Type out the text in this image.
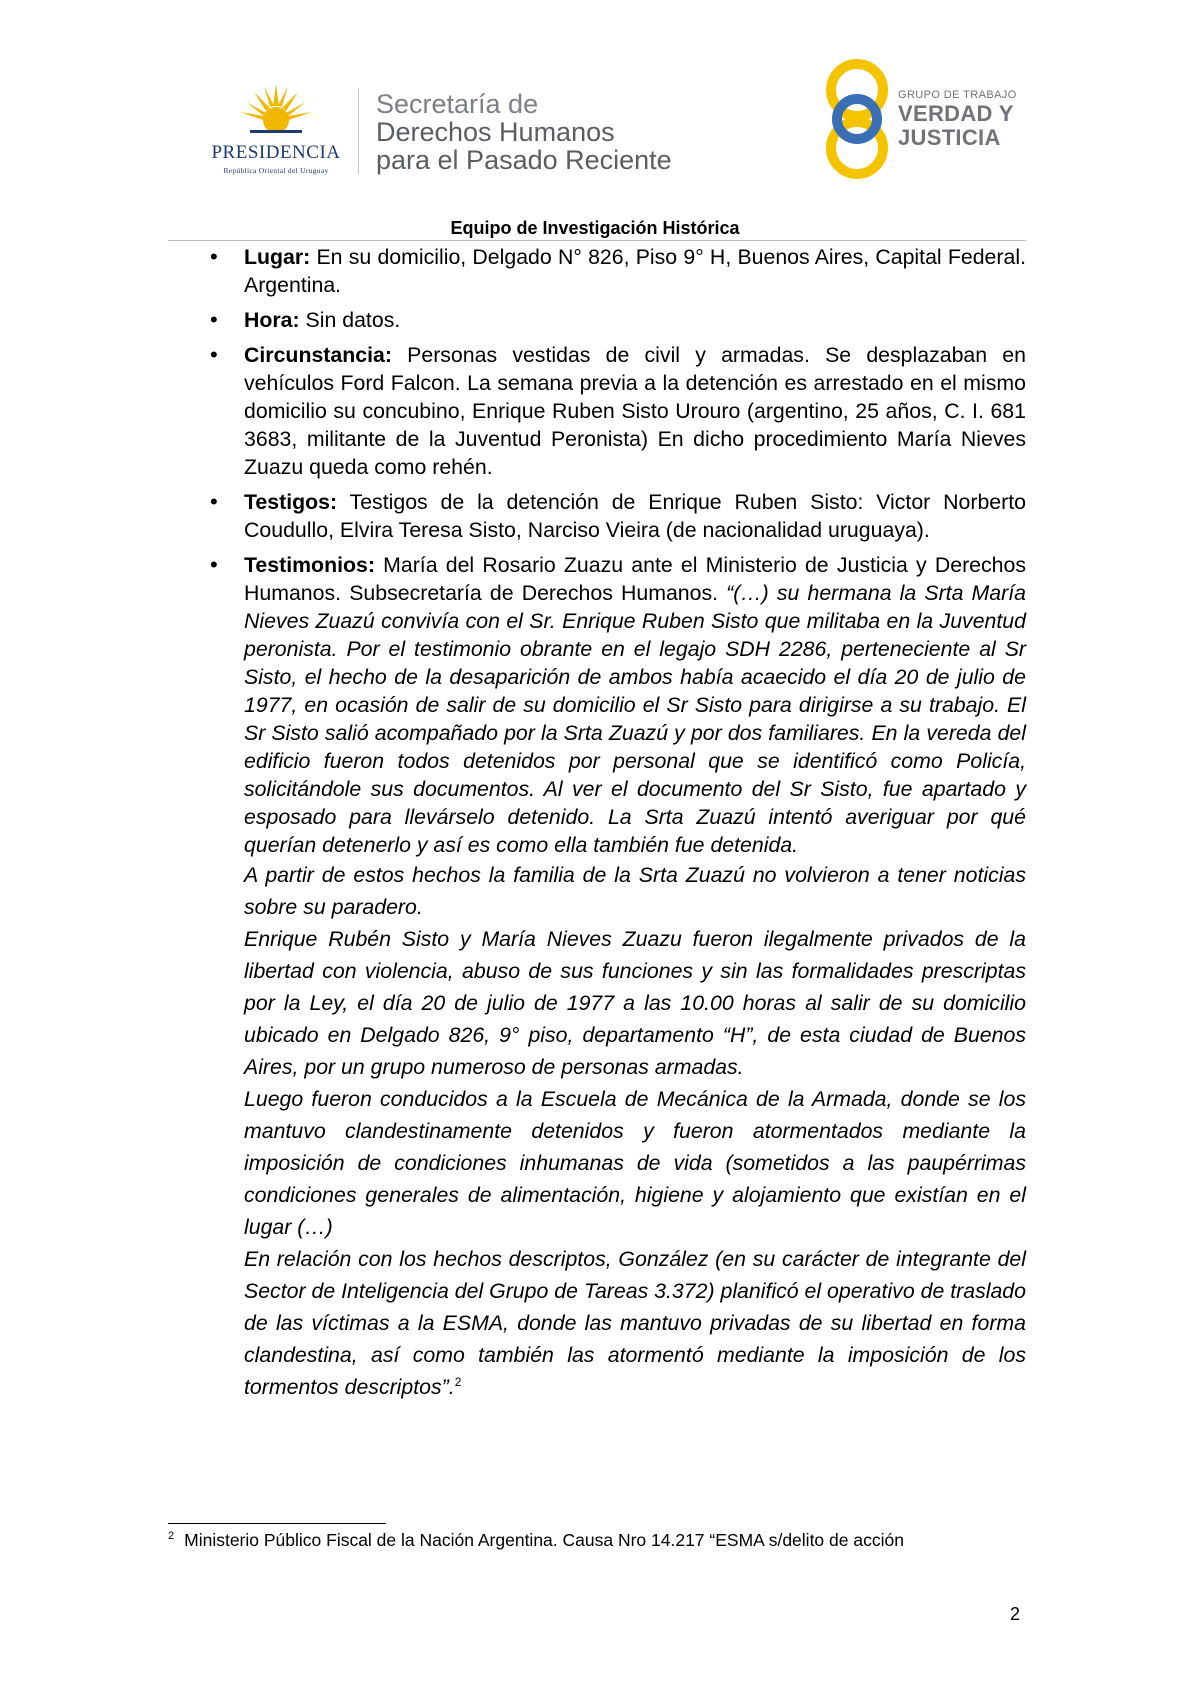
PRESIDENCIA
República Oriental del Uruguay
Secretaría de
Derechos Humanos
para el Pasado Reciente
GRUPO DE TRABAJO
VERDAD Y
JUSTICIA
Equipo de Investigación Histórica
• Lugar: En su domicilio, Delgado N° 826, Piso 9° H, Buenos Aires, Capital Federal. Argentina.
• Hora: Sin datos.
• Circunstancia: Personas vestidas de civil y armadas. Se desplazaban en vehículos Ford Falcon. La semana previa a la detención es arrestado en el mismo domicilio su concubino, Enrique Ruben Sisto Urouro (argentino, 25 años, C. I. 681 3683, militante de la Juventud Peronista) En dicho procedimiento María Nieves Zuazu queda como rehén.
• Testigos: Testigos de la detención de Enrique Ruben Sisto: Victor Norberto Coudullo, Elvira Teresa Sisto, Narciso Vieira (de nacionalidad uruguaya).
• Testimonios: María del Rosario Zuazu ante el Ministerio de Justicia y Derechos Humanos. Subsecretaría de Derechos Humanos. “(…) su hermana la Srta María Nieves Zuazú convivía con el Sr. Enrique Ruben Sisto que militaba en la Juventud peronista. Por el testimonio obrante en el legajo SDH 2286, perteneciente al Sr Sisto, el hecho de la desaparición de ambos había acaecido el día 20 de julio de 1977, en ocasión de salir de su domicilio el Sr Sisto para dirigirse a su trabajo. El Sr Sisto salió acompañado por la Srta Zuazú y por dos familiares. En la vereda del edificio fueron todos detenidos por personal que se identificó como Policía, solicitándole sus documentos. Al ver el documento del Sr Sisto, fue apartado y esposado para llevárselo detenido. La Srta Zuazú intentó averiguar por qué querían detenerlo y así es como ella también fue detenida.

A partir de estos hechos la familia de la Srta Zuazú no volvieron a tener noticias sobre su paradero.

Enrique Rubén Sisto y María Nieves Zuazu fueron ilegalmente privados de la libertad con violencia, abuso de sus funciones y sin las formalidades prescriptas por la Ley, el día 20 de julio de 1977 a las 10.00 horas al salir de su domicilio ubicado en Delgado 826, 9° piso, departamento “H”, de esta ciudad de Buenos Aires, por un grupo numeroso de personas armadas.

Luego fueron conducidos a la Escuela de Mecánica de la Armada, donde se los mantuvo clandestinamente detenidos y fueron atormentados mediante la imposición de condiciones inhumanas de vida (sometidos a las paupérrimas condiciones generales de alimentación, higiene y alojamiento que existían en el lugar (…)

En relación con los hechos descriptos, González (en su carácter de integrante del Sector de Inteligencia del Grupo de Tareas 3.372) planificó el operativo de traslado de las víctimas a la ESMA, donde las mantuvo privadas de su libertad en forma clandestina, así como también las atormentó mediante la imposición de los tormentos descriptos”.$^2$

$^2$ Ministerio Público Fiscal de la Nación Argentina. Causa Nro 14.217 “ESMA s/delito de acción
2
